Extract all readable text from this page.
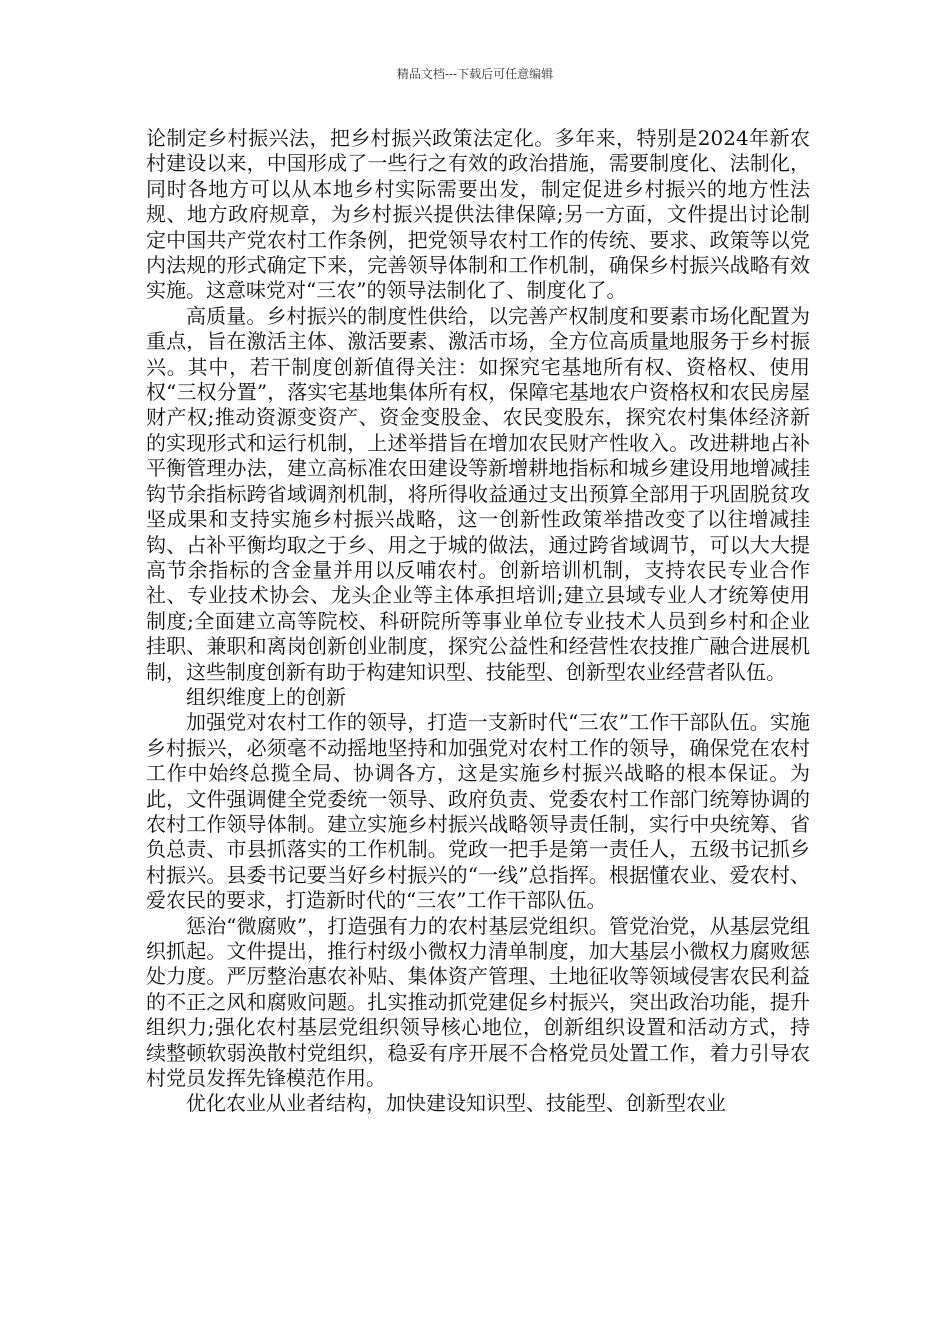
精品文档---下载后可任意编辑

论制定乡村振兴法，把乡村振兴政策法定化。多年来，特别是2024年新农村建设以来，中国形成了一些行之有效的政治措施，需要制度化、法制化，同时各地方可以从本地乡村实际需要出发，制定促进乡村振兴的地方性法规、地方政府规章，为乡村振兴提供法律保障;另一方面，文件提出讨论制定中国共产党农村工作条例，把党领导农村工作的传统、要求、政策等以党内法规的形式确定下来，完善领导体制和工作机制，确保乡村振兴战略有效实施。这意味党对“三农”的领导法制化了、制度化了。

高质量。乡村振兴的制度性供给，以完善产权制度和要素市场化配置为重点，旨在激活主体、激活要素、激活市场，全方位高质量地服务于乡村振兴。其中，若干制度创新值得关注：如探究宅基地所有权、资格权、使用权“三权分置”，落实宅基地集体所有权，保障宅基地农户资格权和农民房屋财产权;推动资源变资产、资金变股金、农民变股东，探究农村集体经济新的实现形式和运行机制，上述举措旨在增加农民财产性收入。改进耕地占补平衡管理办法，建立高标准农田建设等新增耕地指标和城乡建设用地增减挂钩节余指标跨省域调剂机制，将所得收益通过支出预算全部用于巩固脱贫攻坚成果和支持实施乡村振兴战略，这一创新性政策举措改变了以往增减挂钩、占补平衡均取之于乡、用之于城的做法，通过跨省域调节，可以大大提高节余指标的含金量并用以反哺农村。创新培训机制，支持农民专业合作社、专业技术协会、龙头企业等主体承担培训;建立县域专业人才统筹使用制度;全面建立高等院校、科研院所等事业单位专业技术人员到乡村和企业挂职、兼职和离岗创新创业制度，探究公益性和经营性农技推广融合进展机制，这些制度创新有助于构建知识型、技能型、创新型农业经营者队伍。

组织维度上的创新

加强党对农村工作的领导，打造一支新时代“三农”工作干部队伍。实施乡村振兴，必须毫不动摇地坚持和加强党对农村工作的领导，确保党在农村工作中始终总揽全局、协调各方，这是实施乡村振兴战略的根本保证。为此，文件强调健全党委统一领导、政府负责、党委农村工作部门统筹协调的农村工作领导体制。建立实施乡村振兴战略领导责任制，实行中央统筹、省负总责、市县抓落实的工作机制。党政一把手是第一责任人，五级书记抓乡村振兴。县委书记要当好乡村振兴的“一线”总指挥。根据懂农业、爱农村、爱农民的要求，打造新时代的“三农”工作干部队伍。

惩治“微腐败”，打造强有力的农村基层党组织。管党治党，从基层党组织抓起。文件提出，推行村级小微权力清单制度，加大基层小微权力腐败惩处力度。严厉整治惠农补贴、集体资产管理、土地征收等领域侵害农民利益的不正之风和腐败问题。扎实推动抓党建促乡村振兴，突出政治功能，提升组织力;强化农村基层党组织领导核心地位，创新组织设置和活动方式，持续整顿软弱涣散村党组织，稳妥有序开展不合格党员处置工作，着力引导农村党员发挥先锋模范作用。

优化农业从业者结构，加快建设知识型、技能型、创新型农业
